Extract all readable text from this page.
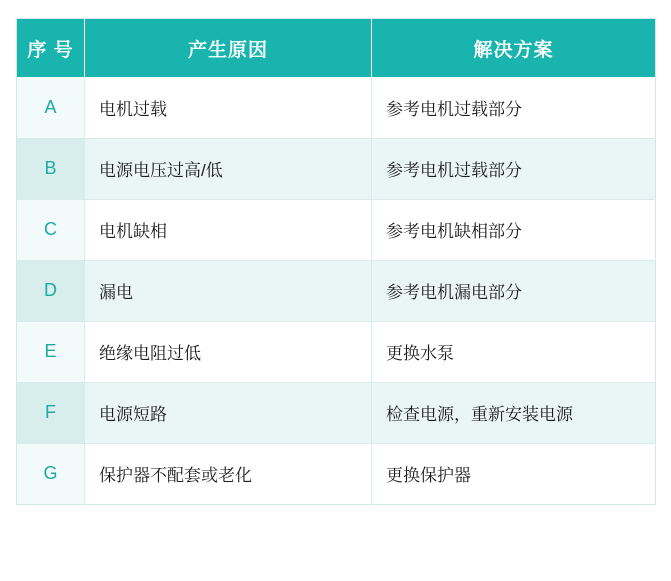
序 号	产生原因	解决方案
A	电机过载	参考电机过载部分
B	电源电压过高/低	参考电机过载部分
C	电机缺相	参考电机缺相部分
D	漏电	参考电机漏电部分
E	绝缘电阻过低	更换水泵
F	电源短路	检查电源，重新安装电源
G	保护器不配套或老化	更换保护器
